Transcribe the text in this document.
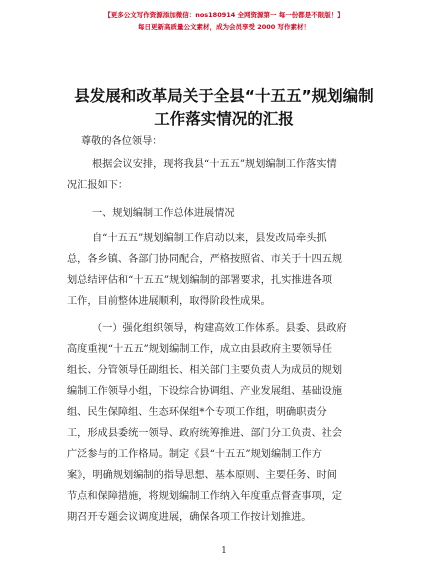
【更多公文写作资源添加微信：nos180914 全网资源第一 每一份都是不限版！】
每日更新高质量公文素材，成为会员享受 2000 写作素材！
县发展和改革局关于全县“十五五”规划编制
工作落实情况的汇报
尊敬的各位领导：
根据会议安排，现将我县“十五五”规划编制工作落实情
况汇报如下：
一、规划编制工作总体进展情况
自“十五五”规划编制工作启动以来，县发改局牵头抓
总，各乡镇、各部门协同配合，严格按照省、市关于十四五规
划总结评估和“十五五”规划编制的部署要求，扎实推进各项
工作，目前整体进展顺利，取得阶段性成果。
（一）强化组织领导，构建高效工作体系。县委、县政府
高度重视“十五五”规划编制工作，成立由县政府主要领导任
组长、分管领导任副组长、相关部门主要负责人为成员的规划
编制工作领导小组，下设综合协调组、产业发展组、基础设施
组、民生保障组、生态环保组*个专项工作组，明确职责分
工，形成县委统一领导、政府统筹推进、部门分工负责、社会
广泛参与的工作格局。制定《县“十五五”规划编制工作方
案》，明确规划编制的指导思想、基本原则、主要任务、时间
节点和保障措施，将规划编制工作纳入年度重点督查事项，定
期召开专题会议调度进展，确保各项工作按计划推进。
1
